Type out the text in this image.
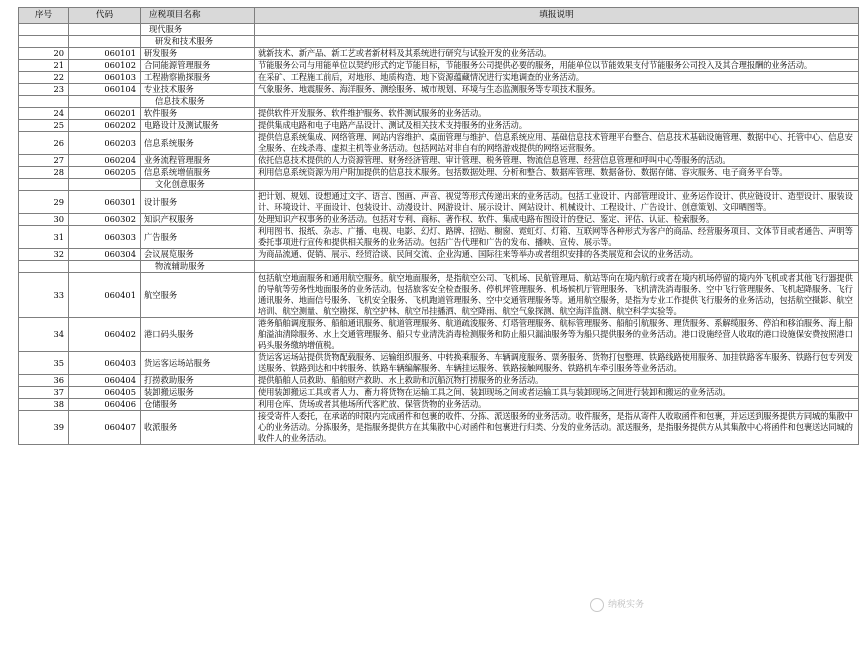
序号	代码	应税项目名称	填报说明
		现代服务	
		研发和技术服务	
20	060101	研发服务	就新技术、新产品、新工艺或者新材料及其系统进行研究与试验开发的业务活动。
21	060102	合同能源管理服务	节能服务公司与用能单位以契约形式约定节能目标，节能服务公司提供必要的服务，用能单位以节能效果支付节能服务公司投入及其合理报酬的业务活动。
22	060103	工程勘察勘探服务	在采矿、工程施工前后，对地形、地质构造、地下资源蕴藏情况进行实地调查的业务活动。
23	060104	专业技术服务	气象服务、地震服务、海洋服务、测绘服务、城市规划、环境与生态监测服务等专项技术服务。
		信息技术服务	
24	060201	软件服务	提供软件开发服务、软件维护服务、软件测试服务的业务活动。
25	060202	电路设计及测试服务	提供集成电路和电子电路产品设计、测试及相关技术支持服务的业务活动。
26	060203	信息系统服务	提供信息系统集成、网络管理、网站内容维护、桌面管理与维护、信息系统应用、基础信息技术管理平台整合、信息技术基础设施管理、数据中心、托管中心、信息安全服务、在线杀毒、虚拟主机等业务活动。包括网站对非自有的网络游戏提供的网络运营服务。
27	060204	业务流程管理服务	依托信息技术提供的人力资源管理、财务经济管理、审计管理、税务管理、物流信息管理、经营信息管理和呼叫中心等服务的活动。
28	060205	信息系统增值服务	利用信息系统资源为用户附加提供的信息技术服务。包括数据处理、分析和整合、数据库管理、数据备份、数据存储、容灾服务、电子商务平台等。
		文化创意服务	
29	060301	设计服务	把计划、规划、设想通过文字、语言、图画、声音、视觉等形式传递出来的业务活动。包括工业设计、内部管理设计、业务运作设计、供应链设计、造型设计、服装设计、环境设计、平面设计、包装设计、动漫设计、网游设计、展示设计、网站设计、机械设计、工程设计、广告设计、创意策划、文印晒图等。
30	060302	知识产权服务	处理知识产权事务的业务活动。包括对专利、商标、著作权、软件、集成电路布图设计的登记、鉴定、评估、认证、检索服务。
31	060303	广告服务	利用图书、报纸、杂志、广播、电视、电影、幻灯、路牌、招贴、橱窗、霓虹灯、灯箱、互联网等各种形式为客户的商品、经营服务项目、文体节目或者通告、声明等委托事项进行宣传和提供相关服务的业务活动。包括广告代理和广告的发布、播映、宣传、展示等。
32	060304	会议展览服务	为商品流通、促销、展示、经贸洽谈、民间交流、企业沟通、国际往来等举办或者组织安排的各类展览和会议的业务活动。
		物流辅助服务	
33	060401	航空服务	包括航空地面服务和通用航空服务。航空地面服务，是指航空公司、飞机场、民航管理局、航站等向在境内航行或者在境内机场停留的境内外飞机或者其他飞行器提供的导航等劳务性地面服务的业务活动。包括旅客安全检查服务、停机坪管理服务、机场候机厅管理服务、飞机清洗消毒服务、空中飞行管理服务、飞机起降服务、飞行通讯服务、地面信号服务、飞机安全服务、飞机跑道管理服务、空中交通管理服务等。通用航空服务，是指为专业工作提供飞行服务的业务活动，包括航空摄影、航空培训、航空测量、航空勘探、航空护林、航空吊挂播洒、航空降雨、航空气象探测、航空海洋监测、航空科学实验等。
34	060402	港口码头服务	港务船舶调度服务、船舶通讯服务、航道管理服务、航道疏浚服务、灯塔管理服务、航标管理服务、船舶引航服务、理货服务、系解缆服务、停泊和移泊服务、海上船舶溢油清除服务、水上交通管理服务、船只专业清洗消毒检测服务和防止船只漏油服务等为船只提供服务的业务活动。港口设施经营人收取的港口设施保安费按照港口码头服务缴纳增值税。
35	060403	货运客运场站服务	货运客运场站提供货物配载服务、运输组织服务、中转换乘服务、车辆调度服务、票务服务、货物打包整理、铁路线路使用服务、加挂铁路客车服务、铁路行包专列发送服务、铁路到达和中转服务、铁路车辆编解服务、车辆挂运服务、铁路接触网服务、铁路机车牵引服务等业务活动。
36	060404	打捞救助服务	提供船舶人员救助、船舶财产救助、水上救助和沉船沉物打捞服务的业务活动。
37	060405	装卸搬运服务	使用装卸搬运工具或者人力、畜力将货物在运输工具之间、装卸现场之间或者运输工具与装卸现场之间进行装卸和搬运的业务活动。
38	060406	仓储服务	利用仓库、货场或者其他场所代客贮放、保管货物的业务活动。
39	060407	收派服务	接受寄件人委托，在承诺的时限内完成函件和包裹的收件、分拣、派送服务的业务活动。收件服务，是指从寄件人收取函件和包裹，并运送到服务提供方同城的集散中心的业务活动。分拣服务，是指服务提供方在其集散中心对函件和包裹进行归类、分发的业务活动。派送服务，是指服务提供方从其集散中心将函件和包裹送达同城的收件人的业务活动。
纳税实务
